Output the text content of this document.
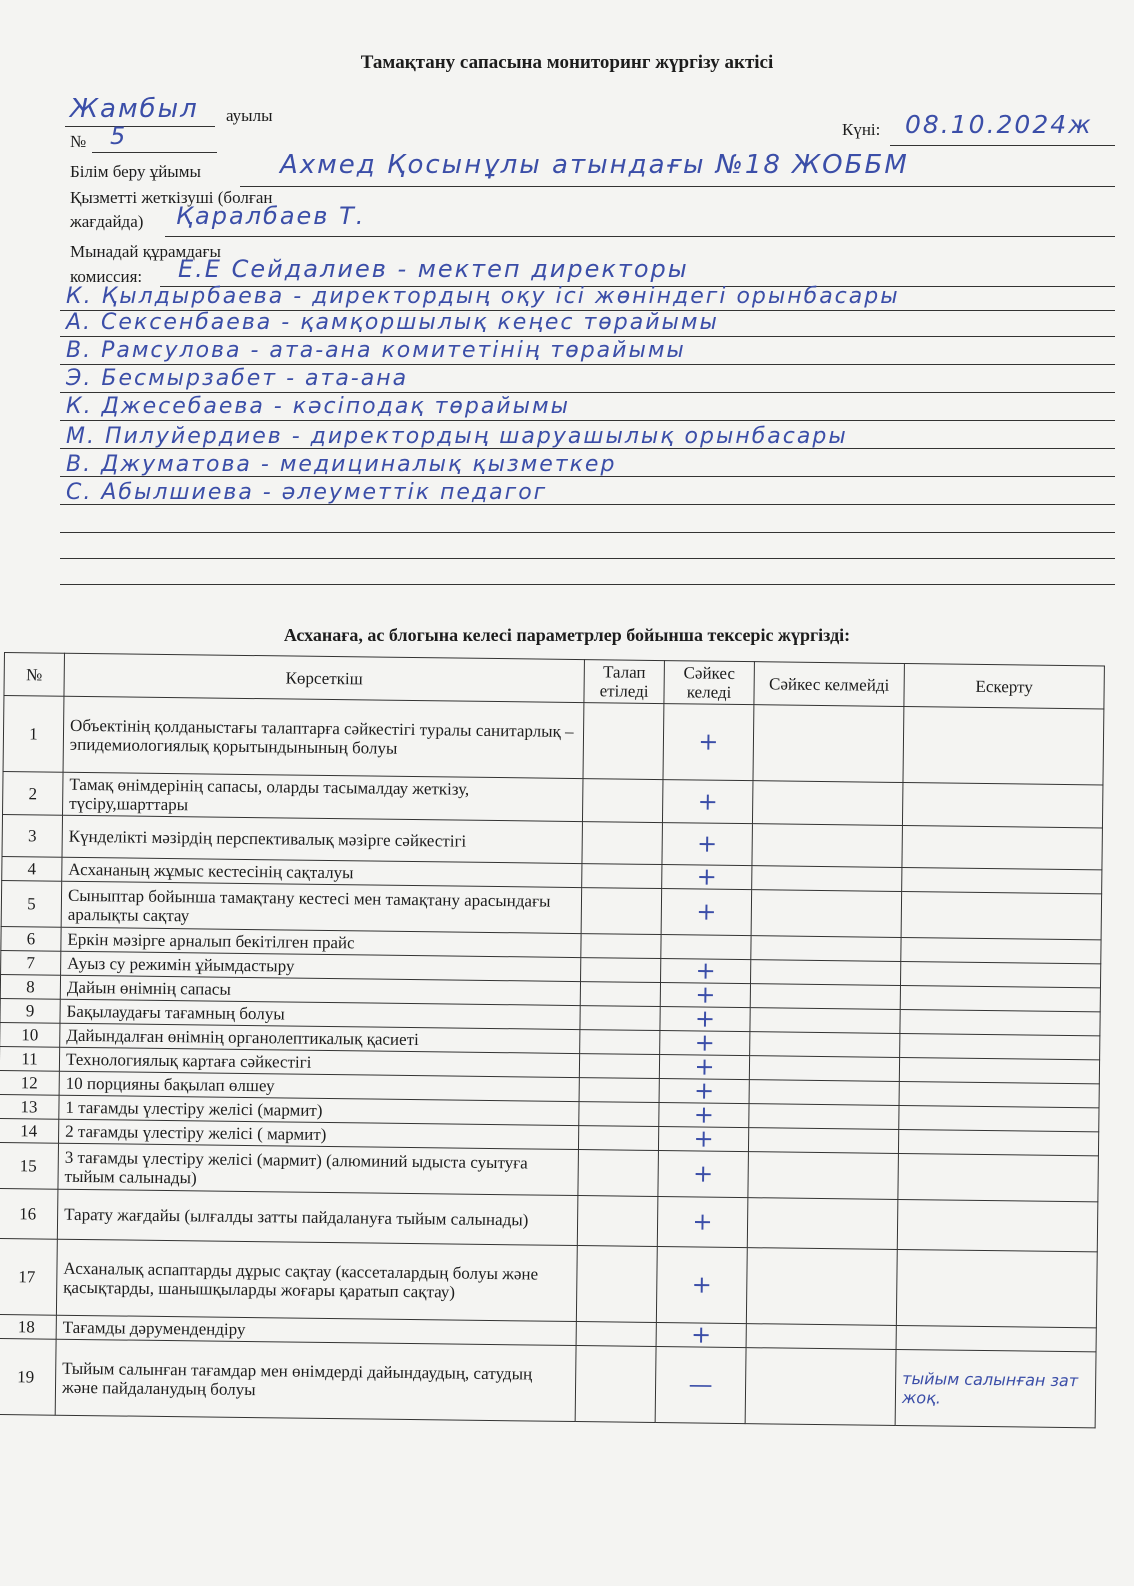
Тамақтану сапасына мониторинг жүргізу актісі
Жамбыл ауылы
№ 5	Күні: 08.10.2024ж
Білім беру ұйымы	Ахмед Қосынұлы атындағы №18 ЖОББМ
Қызметті жеткізуші (болған
жағдайда) Қаралбаев Т.
Мынадай құрамдағы
комиссия: Е.Е Сейдалиев - мектеп директоры
К. Қылдырбаева - директордың оқу ісі жөніндегі орынбасары
А. Сексенбаева - қамқоршылық кеңес төрайымы
В. Рамсулова - ата-ана комитетінің төрайымы
Э. Бесмырзабет - ата-ана
К. Джесебаева - кәсіподақ төрайымы
М. Пилуйердиев - директордың шаруашылық орынбасары
В. Джуматова - медициналық қызметкер
С. Абылшиева - әлеуметтік педагог
Асханаға, ас блогына келесі параметрлер бойынша тексеріс жүргізді:
№	Көрсеткіш	Талап етіледі	Сәйкес келеді	Сәйкес келмейді	Ескерту
1	Объектінің қолданыстағы талаптарға сәйкестігі туралы санитарлық – эпидемиологиялық қорытындынының болуы		+		
2	Тамақ өнімдерінің сапасы, оларды тасымалдау жеткізу, түсіру,шарттары		+		
3	Күнделікті мәзірдің перспективалық мәзірге сәйкестігі		+		
4	Асхананың жұмыс кестесінің сақталуы		+		
5	Сыныптар бойынша тамақтану кестесі мен тамақтану арасындағы аралықты сақтау		+		
6	Еркін мәзірге арналып бекітілген прайс				
7	Ауыз су режимін ұйымдастыру		+		
8	Дайын өнімнің сапасы		+		
9	Бақылаудағы тағамның болуы		+		
10	Дайындалған өнімнің органолептикалық қасиеті		+		
11	Технологиялық картаға сәйкестігі		+		
12	10 порцияны бақылап өлшеу		+		
13	1 тағамды үлестіру желісі (мармит)		+		
14	2 тағамды үлестіру желісі ( мармит)		+		
15	3 тағамды үлестіру желісі (мармит) (алюминий ыдыста суытуға тыйым салынады)		+		
16	Тарату жағдайы (ылғалды затты пайдалануға тыйым салынады)		+		
17	Асханалық аспаптарды дұрыс сақтау (кассеталардың болуы және қасықтарды, шанышқыларды жоғары қаратып сақтау)		+		
18	Тағамды дәрумендендіру		+		
19	Тыйым салынған тағамдар мен өнімдерді дайындаудың, сатудың және пайдаланудың болуы		—		тыйым салынған зат жоқ.
